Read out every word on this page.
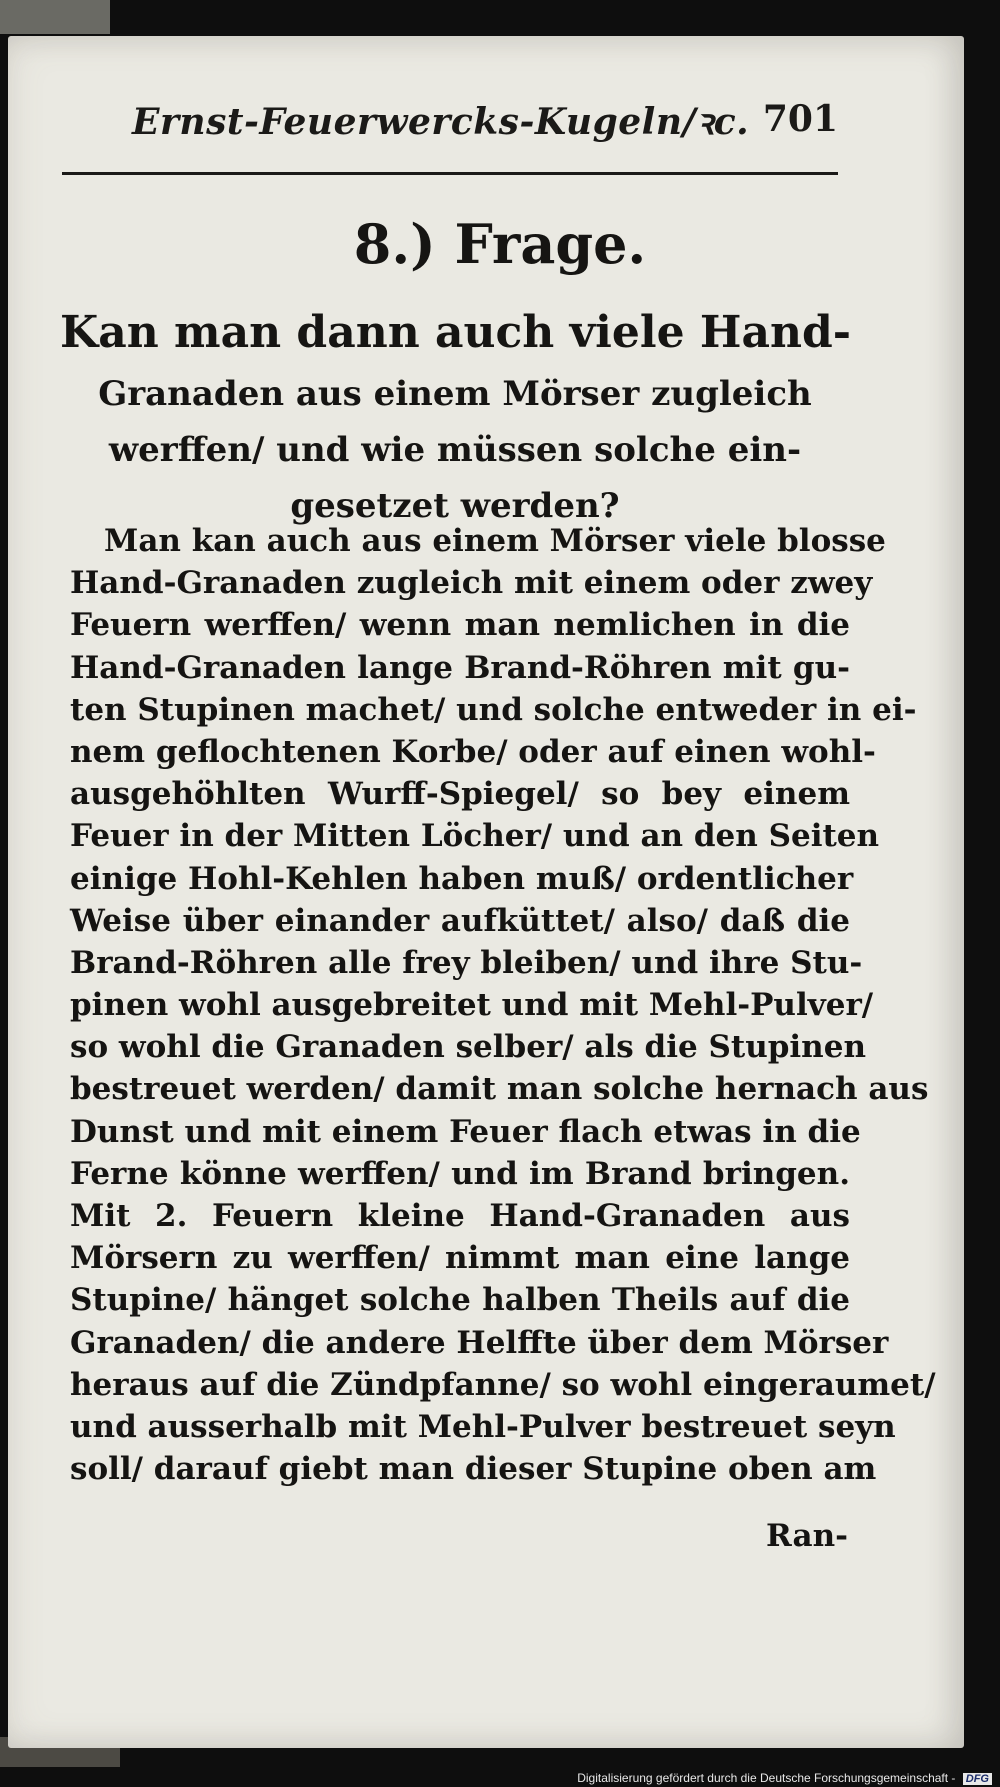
Ernst-Feuerwercks-Kugeln/ꝛc. 701
8.) Frage.
Kan man dann auch viele Hand-
Granaden aus einem Mörser zugleich
werffen/ und wie müssen solche ein-
gesetzet werden?
Man kan auch aus einem Mörser viele blosse
Hand-Granaden zugleich mit einem oder zwey
Feuern werffen/ wenn man nemlichen in die
Hand-Granaden lange Brand-Röhren mit gu-
ten Stupinen machet/ und solche entweder in ei-
nem geflochtenen Korbe/ oder auf einen wohl-
ausgehöhlten Wurff-Spiegel/ so bey einem
Feuer in der Mitten Löcher/ und an den Seiten
einige Hohl-Kehlen haben muß/ ordentlicher
Weise über einander aufküttet/ also/ daß die
Brand-Röhren alle frey bleiben/ und ihre Stu-
pinen wohl ausgebreitet und mit Mehl-Pulver/
so wohl die Granaden selber/ als die Stupinen
bestreuet werden/ damit man solche hernach aus
Dunst und mit einem Feuer flach etwas in die
Ferne könne werffen/ und im Brand bringen.
Mit 2. Feuern kleine Hand-Granaden aus
Mörsern zu werffen/ nimmt man eine lange
Stupine/ hänget solche halben Theils auf die
Granaden/ die andere Helffte über dem Mörser
heraus auf die Zündpfanne/ so wohl eingeraumet/
und ausserhalb mit Mehl-Pulver bestreuet seyn
soll/ darauf giebt man dieser Stupine oben am
Ran-
Digitalisierung gefördert durch die Deutsche Forschungsgemeinschaft - DFG
